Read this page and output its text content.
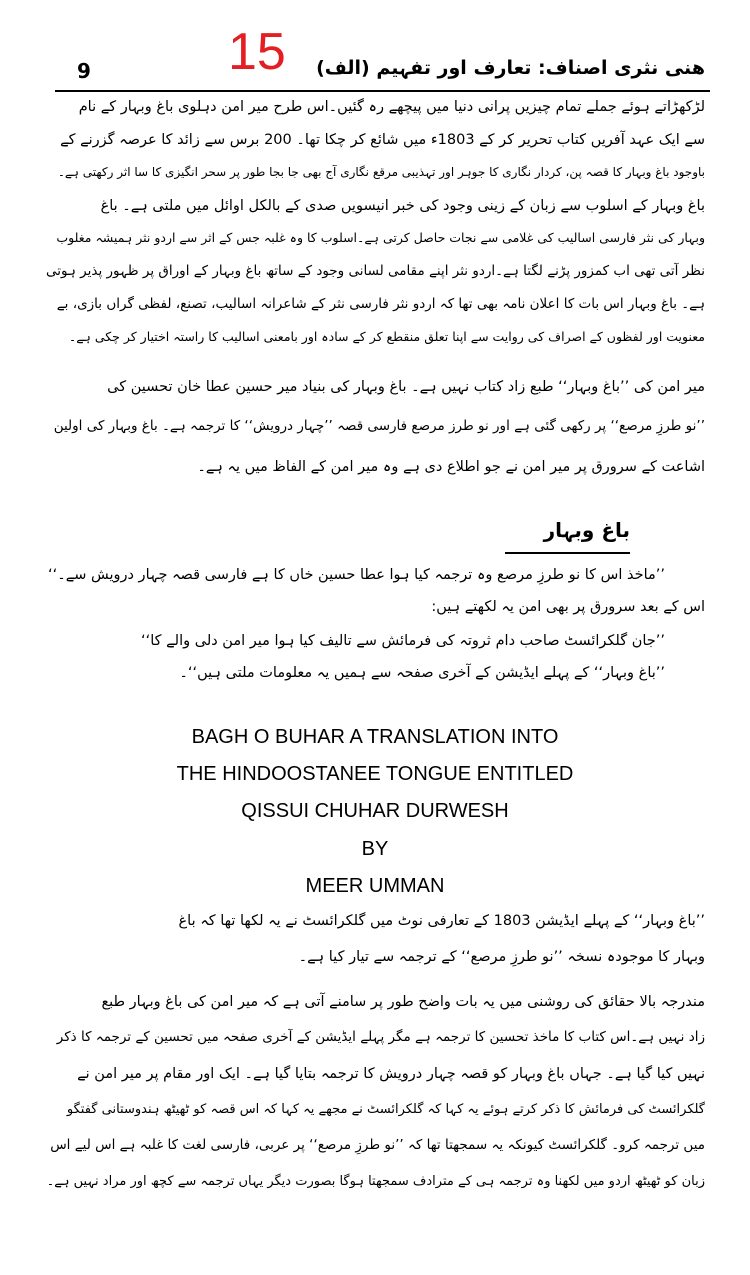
9	ھنی نثری اصناف: تعارف اور تفہیم (الف)
15
لڑکھڑاتے ہوئے جملے تمام چیزیں پرانی دنیا میں پیچھے رہ گئیں۔اس طرح میر امن دہلوی باغ وبہار کے نام
سے ایک عہد آفریں کتاب تحریر کر کے 1803ء میں شائع کر چکا تھا۔ 200 برس سے زائد کا عرصہ گزرنے کے
باوجود باغ وبہار کا قصہ پن، کردار نگاری کا جوہر اور تہذیبی مرقع نگاری آج بھی جا بجا طور پر سحر انگیزی کا سا اثر رکھتی ہے۔
باغ وبہار کے اسلوب سے زبان کے زینی وجود کی خبر انیسویں صدی کے بالکل اوائل میں ملتی ہے۔ باغ
وبہار کی نثر فارسی اسالیب کی غلامی سے نجات حاصل کرتی ہے۔اسلوب کا وہ غلبہ جس کے اثر سے اردو نثر ہمیشہ مغلوب
نظر آتی تھی اب کمزور پڑنے لگتا ہے۔اردو نثر اپنے مقامی لسانی وجود کے ساتھ باغ وبہار کے اوراق پر ظہور پذیر ہوتی
ہے۔ باغ وبہار اس بات کا اعلان نامہ بھی تھا کہ اردو نثر فارسی نثر کے شاعرانہ اسالیب، تصنع، لفظی گراں بازی، بے
معنویت اور لفظوں کے اصراف کی روایت سے اپنا تعلق منقطع کر کے سادہ اور بامعنی اسالیب کا راستہ اختیار کر چکی ہے۔
میر امن کی ’’باغ وبہار‘‘ طبع زاد کتاب نہیں ہے۔ باغ وبہار کی بنیاد میر حسین عطا خان تحسین کی
’’نو طرزِ مرصع‘‘ پر رکھی گئی ہے اور نو طرز مرصع فارسی قصہ ’’چہار درویش‘‘ کا ترجمہ ہے۔ باغ وبہار کی اولین
اشاعت کے سرورق پر میر امن نے جو اطلاع دی ہے وہ میر امن کے الفاظ میں یہ ہے۔
باغ وبہار
’’ماخذ اس کا نو طرزِ مرصع وہ ترجمہ کیا ہوا عطا حسین خاں کا ہے فارسی قصہ چہار درویش سے۔‘‘
اس کے بعد سرورق پر بھی امن یہ لکھتے ہیں:
’’جان گلکرائسٹ صاحب دام ثروتہ کی فرمائش سے تالیف کیا ہوا میر امن دلی والے کا‘‘
’’باغ وبہار‘‘ کے پہلے ایڈیشن کے آخری صفحہ سے ہمیں یہ معلومات ملتی ہیں‘‘۔
BAGH O BUHAR A TRANSLATION INTO
THE HINDOOSTANEE TONGUE ENTITLED
QISSUI CHUHAR DURWESH
BY
MEER UMMAN
’’باغ وبہار‘‘ کے پہلے ایڈیشن 1803 کے تعارفی نوٹ میں گلکرائسٹ نے یہ لکھا تھا کہ باغ
وبہار کا موجودہ نسخہ ’’نو طرزِ مرصع‘‘ کے ترجمہ سے تیار کیا ہے۔
مندرجہ بالا حقائق کی روشنی میں یہ بات واضح طور پر سامنے آتی ہے کہ میر امن کی باغ وبہار طبع
زاد نہیں ہے۔اس کتاب کا ماخذ تحسین کا ترجمہ ہے مگر پہلے ایڈیشن کے آخری صفحہ میں تحسین کے ترجمہ کا ذکر
نہیں کیا گیا ہے۔ جہاں باغ وبہار کو قصہ چہار درویش کا ترجمہ بتایا گیا ہے۔ ایک اور مقام پر میر امن نے
گلکرائسٹ کی فرمائش کا ذکر کرتے ہوئے یہ کہا کہ گلکرائسٹ نے مجھے یہ کہا کہ اس قصہ کو ٹھیٹھ ہندوستانی گفتگو
میں ترجمہ کرو۔ گلکرائسٹ کیونکہ یہ سمجھتا تھا کہ ’’نو طرزِ مرصع‘‘ پر عربی، فارسی لغت کا غلبہ ہے اس لیے اس
زبان کو ٹھیٹھ اردو میں لکھنا وہ ترجمہ ہی کے مترادف سمجھتا ہوگا بصورت دیگر یہاں ترجمہ سے کچھ اور مراد نہیں ہے۔
